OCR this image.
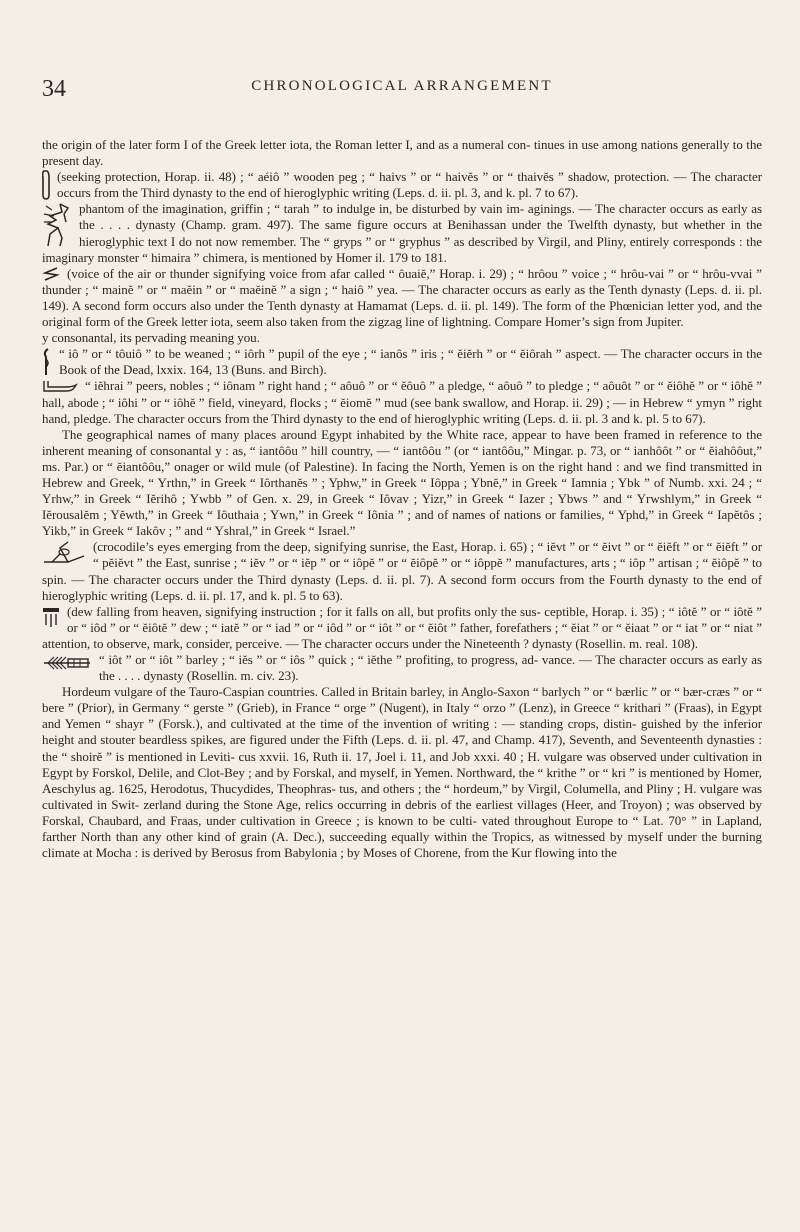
34	CHRONOLOGICAL ARRANGEMENT

the origin of the later form I of the Greek letter iota, the Roman letter I, and as a numeral con- tinues in use among nations generally to the present day.

(seeking protection, Horap. ii. 48) ; “ aéiô ” wooden peg ; “ haivs ” or “ haivĕs ” or “ thaivĕs ” shadow, protection. — The character occurs from the Third dynasty to the end of hieroglyphic writing (Leps. d. ii. pl. 3, and k. pl. 7 to 67).

phantom of the imagination, griffin ; “ tarah ” to indulge in, be disturbed by vain im- aginings. — The character occurs as early as the . . . . dynasty (Champ. gram. 497). The same figure occurs at Benihassan under the Twelfth dynasty, but whether in the hieroglyphic text I do not now remember. The “ gryps ” or “ gryphus ” as described by Virgil, and Pliny, entirely corresponds : the imaginary monster “ himaira ” chimera, is mentioned by Homer il. 179 to 181.

(voice of the air or thunder signifying voice from afar called “ ôuaiĕ,” Horap. i. 29) ; “ hrôou ” voice ; “ hrôu-vai ” or “ hrôu-vvai ” thunder ; “ mainĕ ” or “ maĕin ” or “ maĕinĕ ” a sign ; “ haiô ” yea. — The character occurs as early as the Tenth dynasty (Leps. d. ii. pl. 149). A second form occurs also under the Tenth dynasty at Hamamat (Leps. d. ii. pl. 149). The form of the Phœnician letter yod, and the original form of the Greek letter iota, seem also taken from the zigzag line of lightning. Compare Homer’s sign from Jupiter.

y consonantal, its pervading meaning you.

“ iô ” or “ tôuiô ” to be weaned ; “ iôrh ” pupil of the eye ; “ ianôs ” iris ; “ ĕiĕrh ” or “ ĕiôrah ” aspect. — The character occurs in the Book of the Dead, lxxix. 164, 13 (Buns. and Birch).

“ iĕhrai ” peers, nobles ; “ iônam ” right hand ; “ aôuô ” or “ ĕôuô ” a pledge, “ aôuô ” to pledge ; “ aôuôt ” or “ ĕiôhĕ ” or “ iôhĕ ” hall, abode ; “ iôhi ” or “ iôhĕ ” field, vineyard, flocks ; “ ĕiomĕ ” mud (see bank swallow, and Horap. ii. 29) ; — in Hebrew “ ymyn ” right hand, pledge. The character occurs from the Third dynasty to the end of hieroglyphic writing (Leps. d. ii. pl. 3 and k. pl. 5 to 67).

The geographical names of many places around Egypt inhabited by the White race, appear to have been framed in reference to the inherent meaning of consonantal y : as, “ iantôôu ” hill country, — “ iantôôu ” (or “ iantôôu,” Mingar. p. 73, or “ ianhôôt ” or “ ĕiahôôut,” ms. Par.) or “ ĕiantôôu,” onager or wild mule (of Palestine). In facing the North, Yemen is on the right hand : and we find transmitted in Hebrew and Greek, “ Yrthn,” in Greek “ Iôrthanĕs ” ; Yphw,” in Greek “ Iôppa ; Ybnĕ,” in Greek “ Iamnia ; Ybk ” of Numb. xxi. 24 ; “ Yrhw,” in Greek “ Iĕrihô ; Ywbb ” of Gen. x. 29, in Greek “ Iôvav ; Yizr,” in Greek “ Iazer ; Ybws ” and “ Yrwshlym,” in Greek “ Iĕrousalĕm ; Yĕwth,” in Greek “ Iôuthaia ; Ywn,” in Greek “ Iônia ” ; and of names of nations or families, “ Yphd,” in Greek “ Iapĕtôs ; Yikb,” in Greek “ Iakôv ; ” and “ Yshral,” in Greek “ Israel.”

(crocodile’s eyes emerging from the deep, signifying sunrise, the East, Horap. i. 65) ; “ iĕvt ” or “ ĕivt ” or “ ĕiĕft ” or “ ĕiĕft ” or “ pĕiĕvt ” the East, sunrise ; “ iĕv ” or “ iĕp ” or “ iôpĕ ” or “ ĕiôpĕ ” or “ iôppĕ ” manufactures, arts ; “ iôp ” artisan ; “ ĕiôpĕ ” to spin. — The character occurs under the Third dynasty (Leps. d. ii. pl. 7). A second form occurs from the Fourth dynasty to the end of hieroglyphic writing (Leps. d. ii. pl. 17, and k. pl. 5 to 63).

(dew falling from heaven, signifying instruction ; for it falls on all, but profits only the sus- ceptible, Horap. i. 35) ; “ iôtĕ ” or “ iôtĕ ” or “ iôd ” or “ ĕiôtĕ ” dew ; “ iatĕ ” or “ iad ” or “ iôd ” or “ iôt ” or “ ĕiôt ” father, forefathers ; “ ĕiat ” or “ ĕiaat ” or “ iat ” or “ niat ” attention, to observe, mark, consider, perceive. — The character occurs under the Nineteenth ? dynasty (Rosellin. m. real. 108).

“ iôt ” or “ iôt ” barley ; “ iĕs ” or “ iôs ” quick ; “ iĕthe ” profiting, to progress, ad- vance. — The character occurs as early as the . . . . dynasty (Rosellin. m. civ. 23).

Hordeum vulgare of the Tauro-Caspian countries. Called in Britain barley, in Anglo-Saxon “ barlych ” or “ bærlic ” or “ bær-cræs ” or “ bere ” (Prior), in Germany “ gerste ” (Grieb), in France “ orge ” (Nugent), in Italy “ orzo ” (Lenz), in Greece “ krithari ” (Fraas), in Egypt and Yemen “ shayr ” (Forsk.), and cultivated at the time of the invention of writing : — standing crops, distin- guished by the inferior height and stouter beardless spikes, are figured under the Fifth (Leps. d. ii. pl. 47, and Champ. 417), Seventh, and Seventeenth dynasties : the “ shoirĕ ” is mentioned in Leviti- cus xxvii. 16, Ruth ii. 17, Joel i. 11, and Job xxxi. 40 ; H. vulgare was observed under cultivation in Egypt by Forskol, Delile, and Clot-Bey ; and by Forskal, and myself, in Yemen. Northward, the “ krithe ” or “ kri ” is mentioned by Homer, Aeschylus ag. 1625, Herodotus, Thucydides, Theophras- tus, and others ; the “ hordeum,” by Virgil, Columella, and Pliny ; H. vulgare was cultivated in Swit- zerland during the Stone Age, relics occurring in debris of the earliest villages (Heer, and Troyon) ; was observed by Forskal, Chaubard, and Fraas, under cultivation in Greece ; is known to be culti- vated throughout Europe to “ Lat. 70° ” in Lapland, farther North than any other kind of grain (A. Dec.), succeeding equally within the Tropics, as witnessed by myself under the burning climate at Mocha : is derived by Berosus from Babylonia ; by Moses of Chorene, from the Kur flowing into the
